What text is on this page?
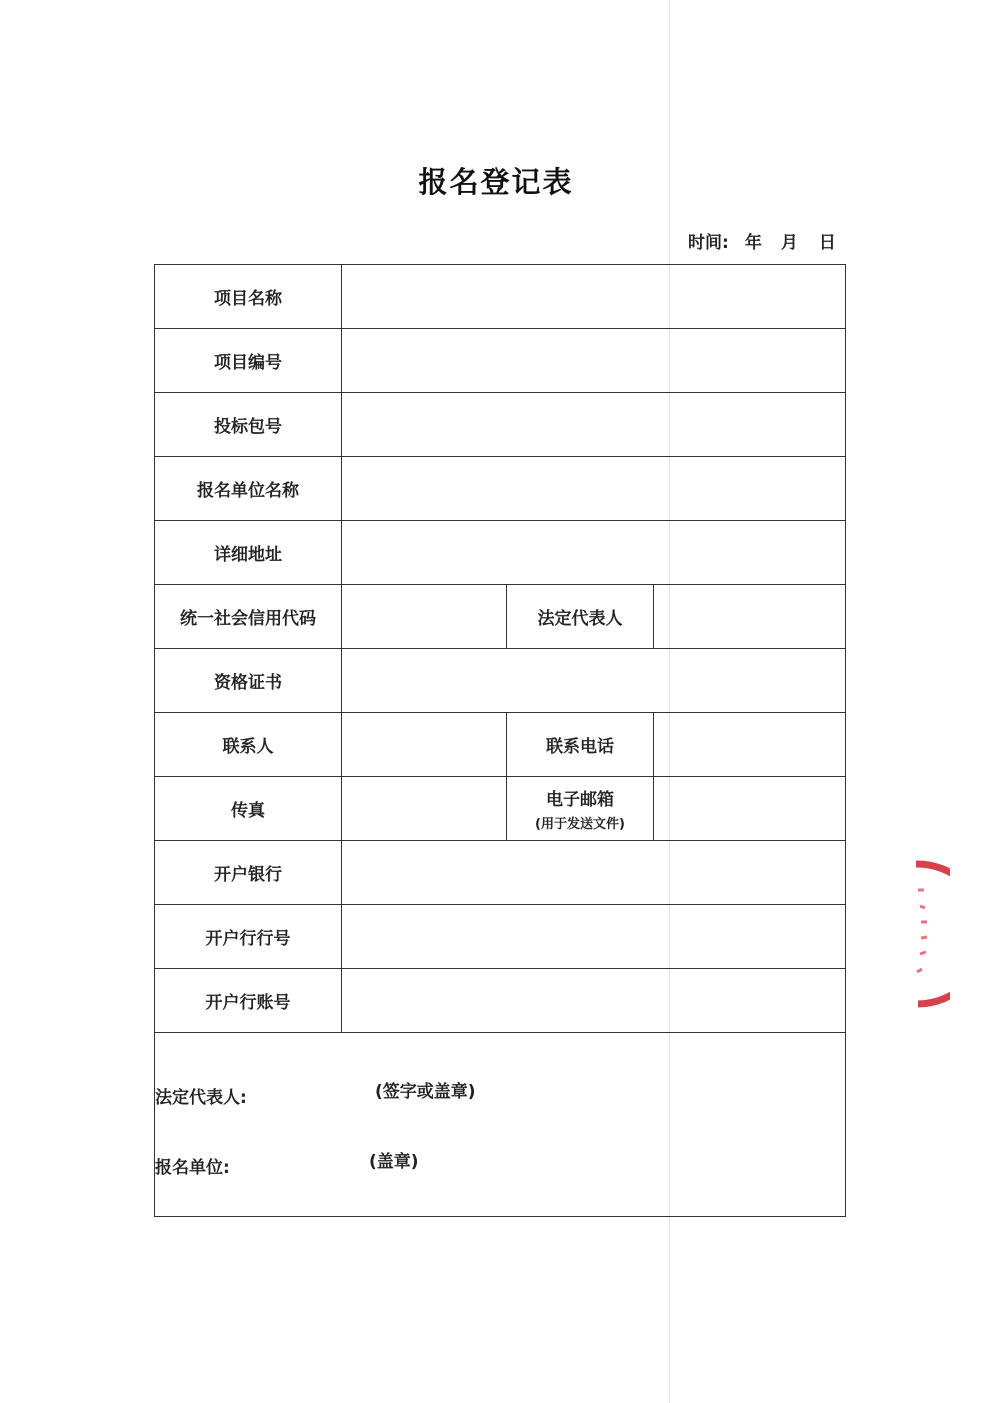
报名登记表
时间: 年 月 日
项目名称			
项目编号			
投标包号			
报名单位名称			
详细地址			
统一社会信用代码		法定代表人	
资格证书			
联系人		联系电话	
传真		电子邮箱
(用于发送文件)	

开户银行			
开户行行号			
开户行账号			

法定代表人: (签字或盖章)
报名单位: (盖章)			
